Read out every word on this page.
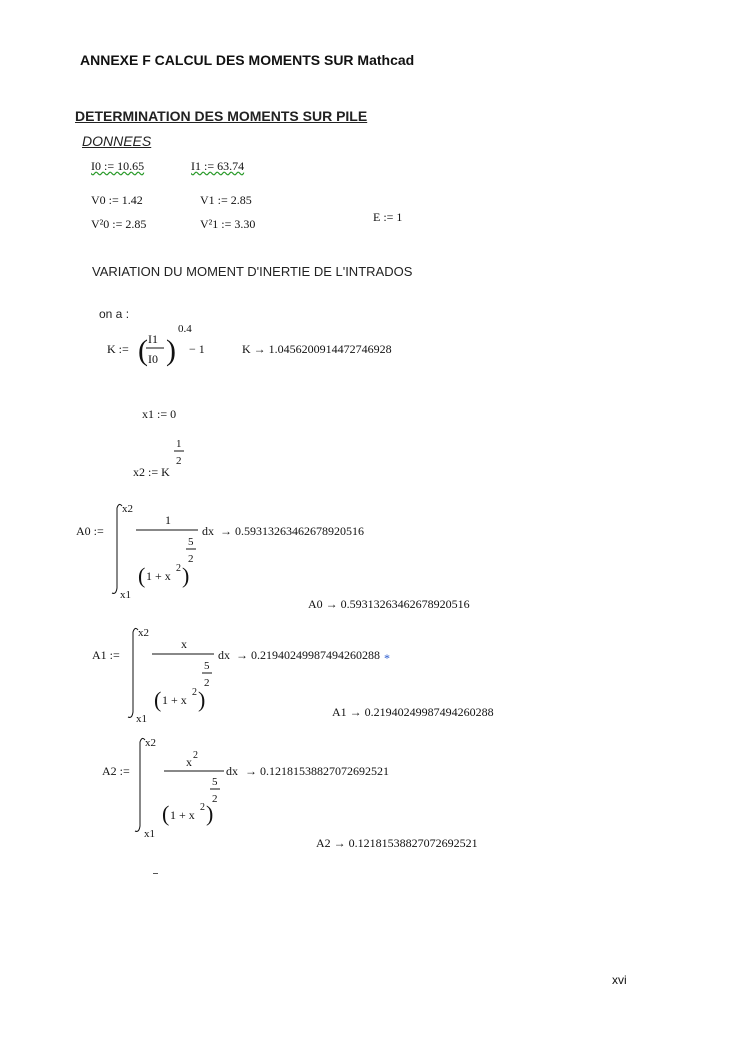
ANNEXE F CALCUL DES MOMENTS SUR Mathcad
DETERMINATION DES MOMENTS SUR PILE
DONNEES
I0 := 10.65	I1 := 63.74
V0 := 1.42	V1 := 2.85
V²0 := 2.85	V²1 := 3.30	E := 1
VARIATION DU MOMENT D'INERTIE DE L'INTRADOS
on a :
K := ( I1
I0 )
0.4
− 1	K → 1.0456200914472746928
x1 := 0
x2 := K
1
2
A0 :=
x2
x1
1
( 1 + x
2 )
5
2
dx → 0.59313263462678920516
A0 → 0.59313263462678920516
A1 :=
x2
x1
x
( 1 + x
2 )
5
2
dx → 0.21940249987494260288 *
A1 → 0.21940249987494260288
A2 :=
x2
x1
x 2
( 1 + x
2 )
5
2
dx → 0.12181538827072692521
A2 → 0.12181538827072692521
xvi
